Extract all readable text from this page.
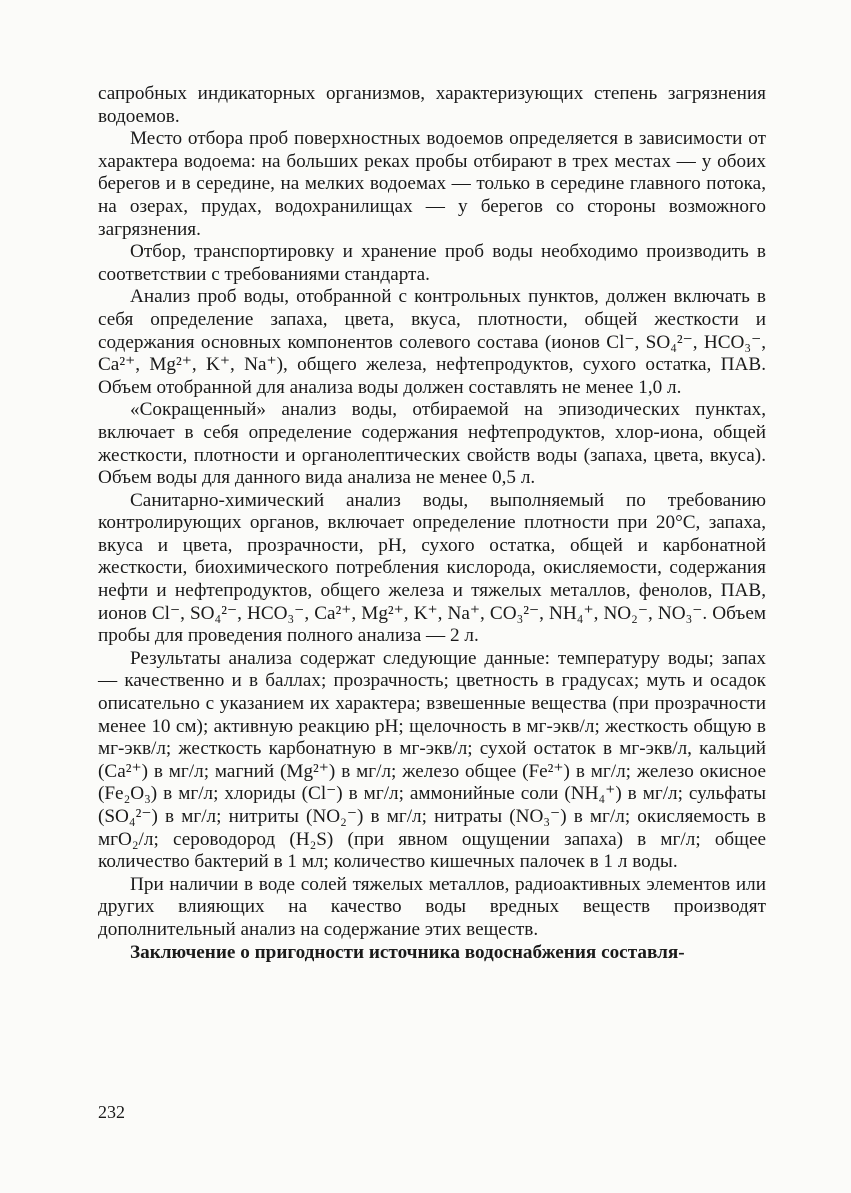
сапробных индикаторных организмов, характеризующих степень загрязнения водоемов.

Место отбора проб поверхностных водоемов определяется в зависимости от характера водоема: на больших реках пробы отбирают в трех местах — у обоих берегов и в середине, на мелких водоемах — только в середине главного потока, на озерах, прудах, водохранилищах — у берегов со стороны возможного загрязнения.

Отбор, транспортировку и хранение проб воды необходимо производить в соответствии с требованиями стандарта.

Анализ проб воды, отобранной с контрольных пунктов, должен включать в себя определение запаха, цвета, вкуса, плотности, общей жесткости и содержания основных компонентов солевого состава (ионов Cl⁻, SO₄²⁻, HCO₃⁻, Ca²⁺, Mg²⁺, K⁺, Na⁺), общего железа, нефтепродуктов, сухого остатка, ПАВ. Объем отобранной для анализа воды должен составлять не менее 1,0 л.

«Сокращенный» анализ воды, отбираемой на эпизодических пунктах, включает в себя определение содержания нефтепродуктов, хлор-иона, общей жесткости, плотности и органолептических свойств воды (запаха, цвета, вкуса). Объем воды для данного вида анализа не менее 0,5 л.

Санитарно-химический анализ воды, выполняемый по требованию контролирующих органов, включает определение плотности при 20°С, запаха, вкуса и цвета, прозрачности, pH, сухого остатка, общей и карбонатной жесткости, биохимического потребления кислорода, окисляемости, содержания нефти и нефтепродуктов, общего железа и тяжелых металлов, фенолов, ПАВ, ионов Cl⁻, SO₄²⁻, HCO₃⁻, Ca²⁺, Mg²⁺, K⁺, Na⁺, CO₃²⁻, NH₄⁺, NO₂⁻, NO₃⁻. Объем пробы для проведения полного анализа — 2 л.

Результаты анализа содержат следующие данные: температуру воды; запах — качественно и в баллах; прозрачность; цветность в градусах; муть и осадок описательно с указанием их характера; взвешенные вещества (при прозрачности менее 10 см); активную реакцию pH; щелочность в мг-экв/л; жесткость общую в мг-экв/л; жесткость карбонатную в мг-экв/л; сухой остаток в мг-экв/л, кальций (Ca²⁺) в мг/л; магний (Mg²⁺) в мг/л; железо общее (Fe²⁺) в мг/л; железо окисное (Fe₂O₃) в мг/л; хлориды (Cl⁻) в мг/л; аммонийные соли (NH₄⁺) в мг/л; сульфаты (SO₄²⁻) в мг/л; нитриты (NO₂⁻) в мг/л; нитраты (NO₃⁻) в мг/л; окисляемость в мгО₂/л; сероводород (H₂S) (при явном ощущении запаха) в мг/л; общее количество бактерий в 1 мл; количество кишечных палочек в 1 л воды.

При наличии в воде солей тяжелых металлов, радиоактивных элементов или других влияющих на качество воды вредных веществ производят дополнительный анализ на содержание этих веществ.

Заключение о пригодности источника водоснабжения составля-

232
